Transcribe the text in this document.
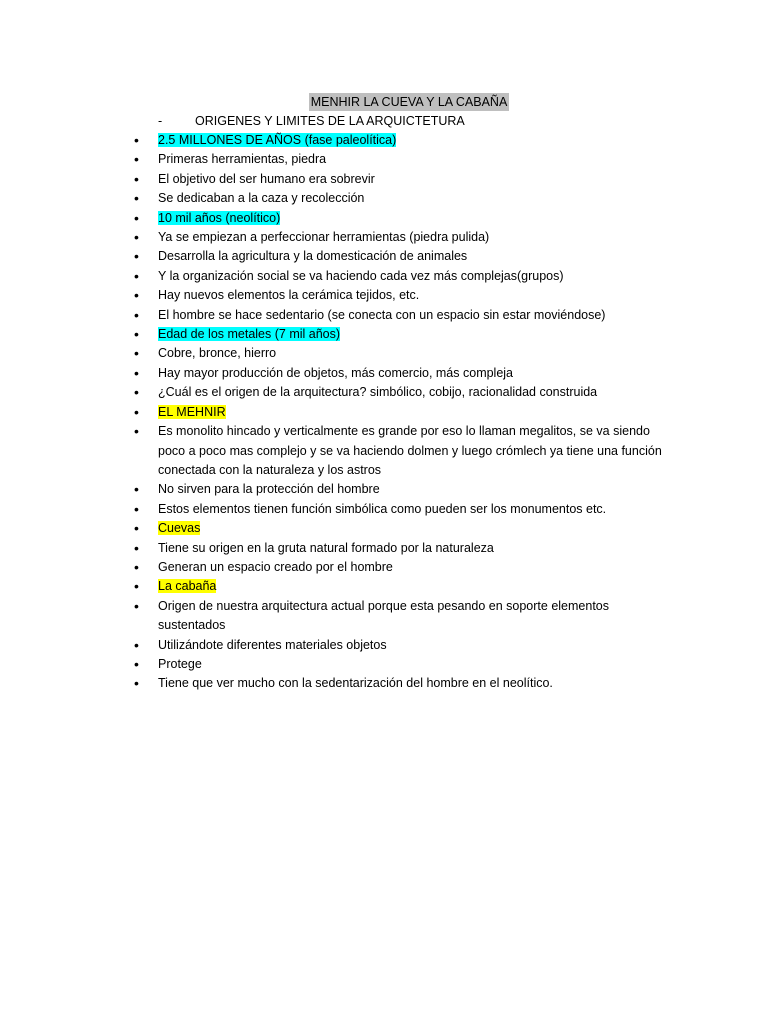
MENHIR LA CUEVA Y LA CABAÑA
-	ORIGENES Y LIMITES DE LA ARQUICTETURA
• 2.5 MILLONES DE AÑOS (fase paleolítica)
• Primeras herramientas, piedra
• El objetivo del ser humano era sobrevir
• Se dedicaban a la caza y recolección
• 10 mil años (neolítico)
• Ya se empiezan a perfeccionar herramientas (piedra pulida)
• Desarrolla la agricultura y la domesticación de animales
• Y la organización social se va haciendo cada vez más complejas(grupos)
• Hay nuevos elementos la cerámica tejidos, etc.
• El hombre se hace sedentario (se conecta con un espacio sin estar moviéndose)
• Edad de los metales (7 mil años)
• Cobre, bronce, hierro
• Hay mayor producción de objetos, más comercio, más compleja
• ¿Cuál es el origen de la arquitectura? simbólico, cobijo, racionalidad construida
• EL MEHNIR
• Es monolito hincado y verticalmente es grande por eso lo llaman megalitos, se va siendo poco a poco mas complejo y se va haciendo dolmen y luego crómlech ya tiene una función conectada con la naturaleza y los astros
• No sirven para la protección del hombre
• Estos elementos tienen función simbólica como pueden ser los monumentos etc.
• Cuevas
• Tiene su origen en la gruta natural formado por la naturaleza
• Generan un espacio creado por el hombre
• La cabaña
• Origen de nuestra arquitectura actual porque esta pesando en soporte elementos sustentados
• Utilizándote diferentes materiales objetos
• Protege
• Tiene que ver mucho con la sedentarización del hombre en el neolítico.
